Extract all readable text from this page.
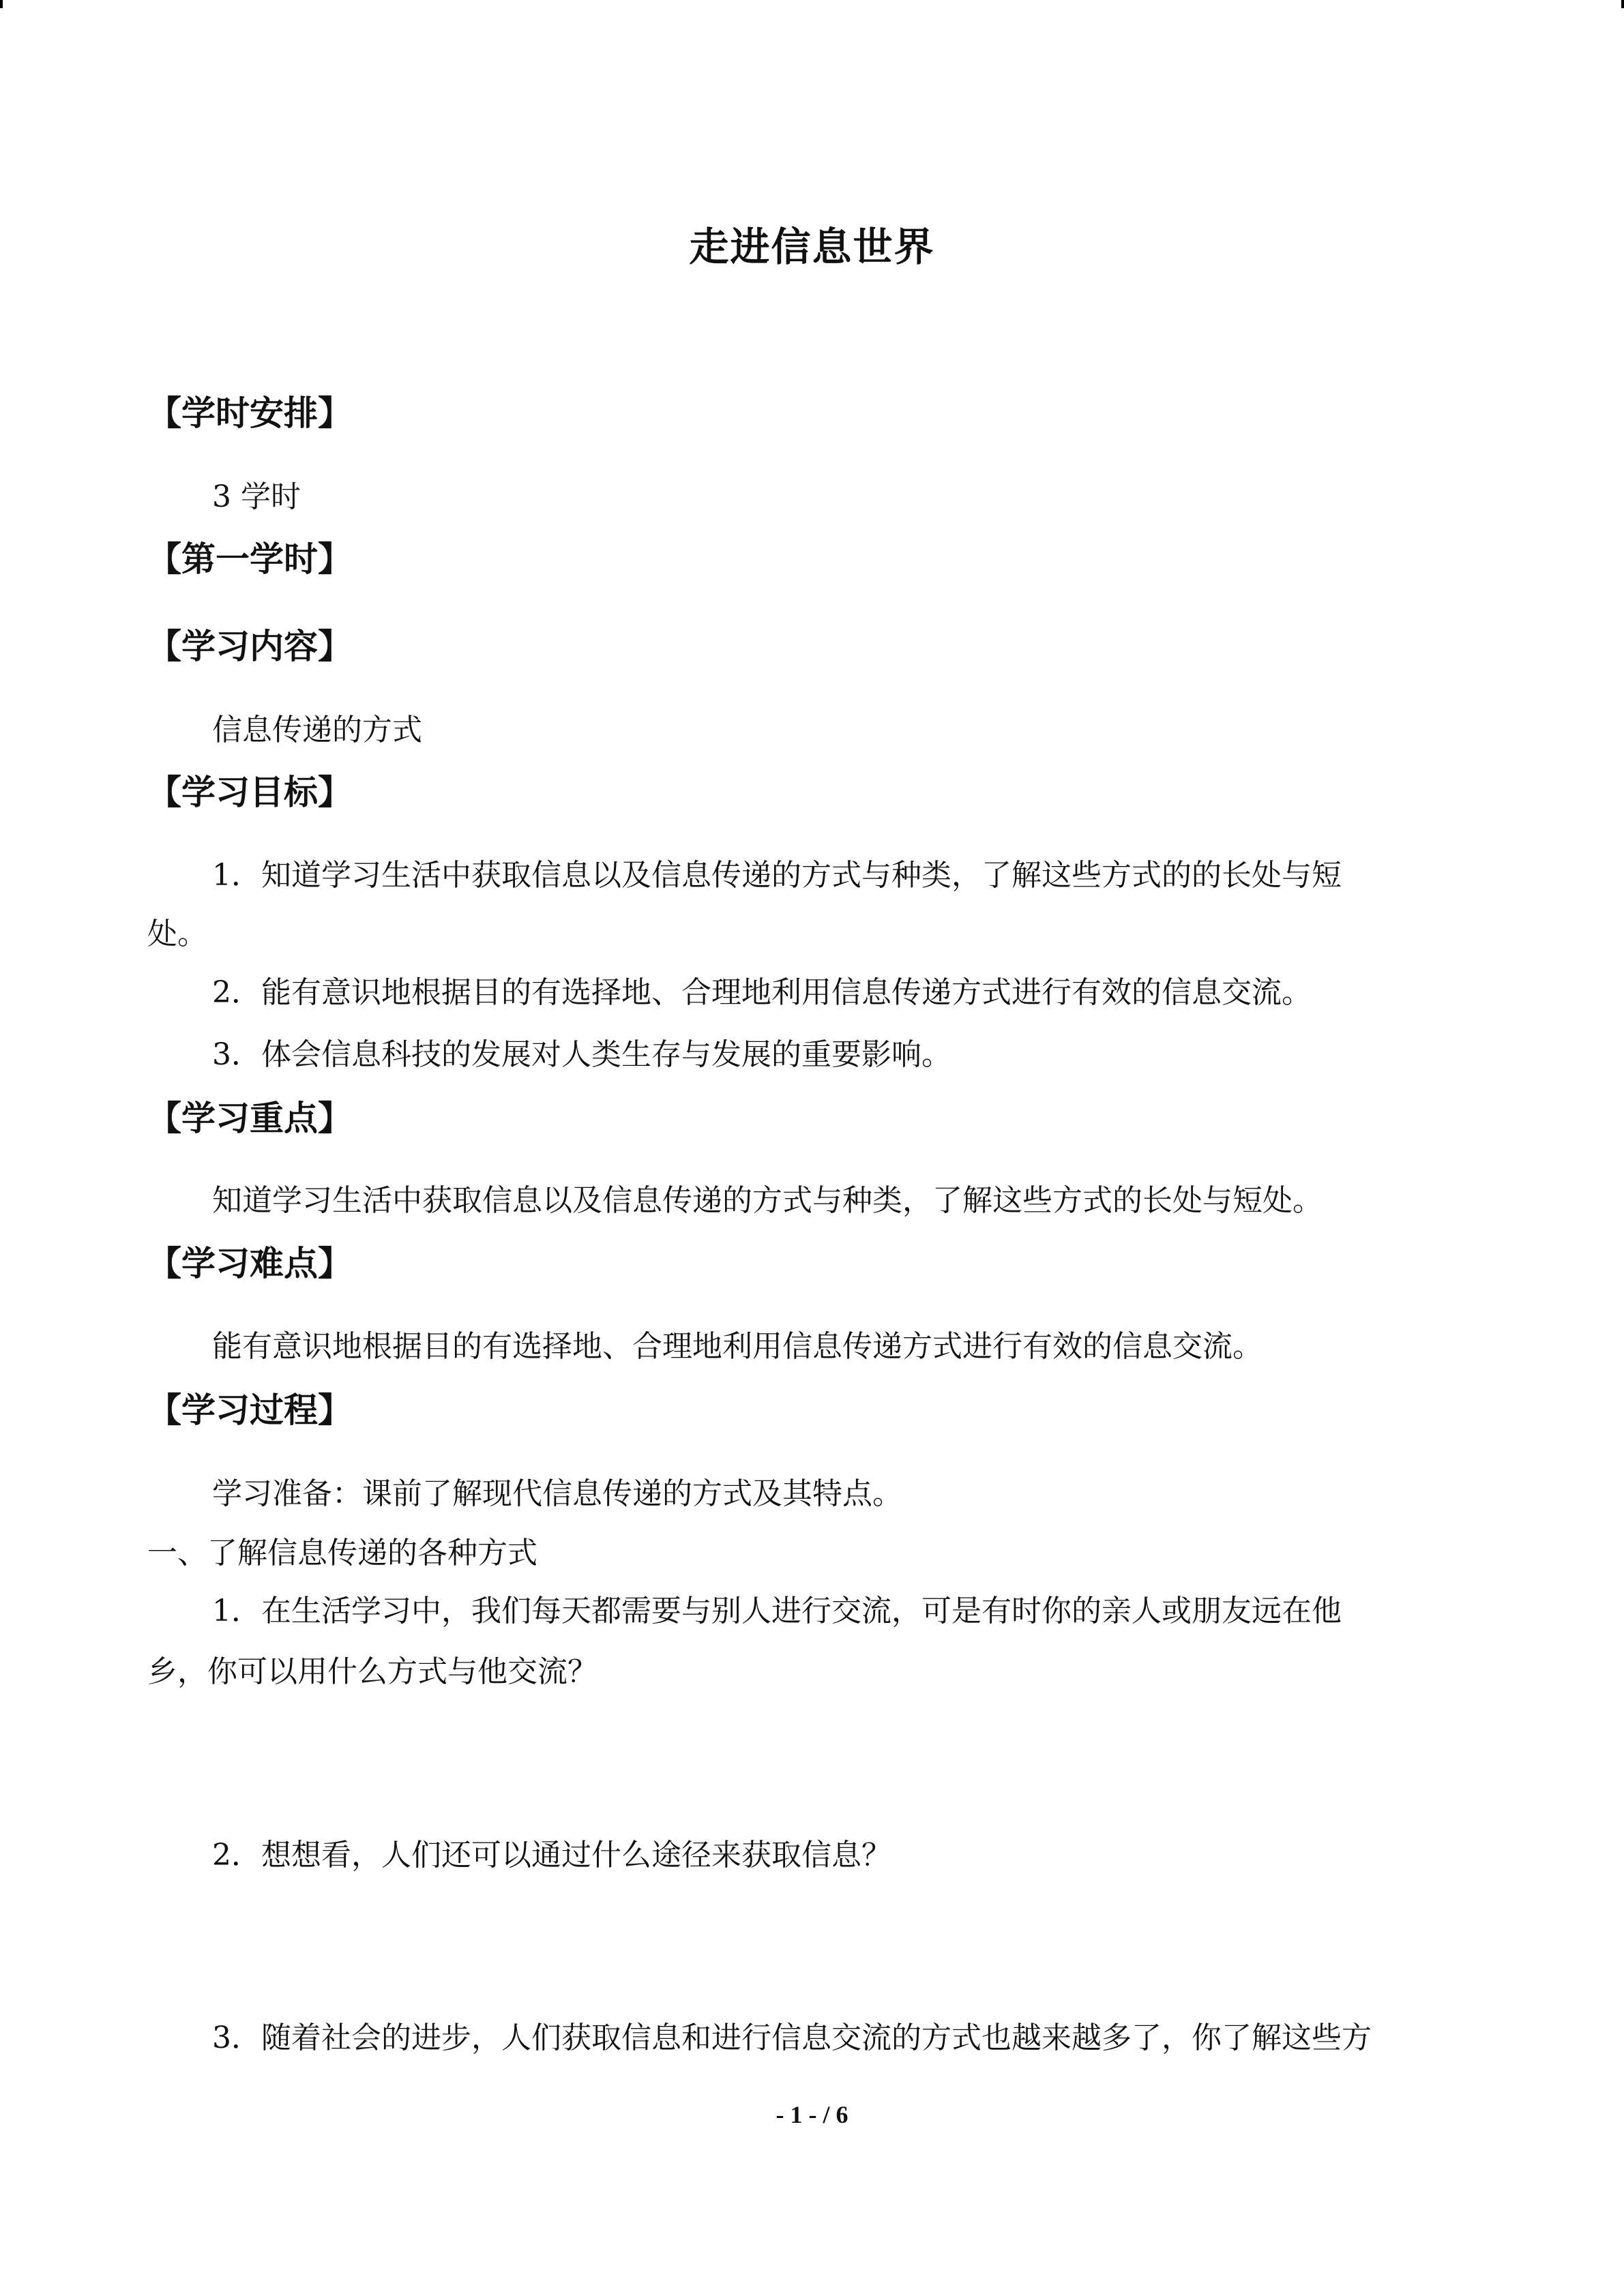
走进信息世界
【学时安排】
3 学时
【第一学时】
【学习内容】
信息传递的方式
【学习目标】
1．知道学习生活中获取信息以及信息传递的方式与种类，了解这些方式的的长处与短
处。
2．能有意识地根据目的有选择地、合理地利用信息传递方式进行有效的信息交流。
3．体会信息科技的发展对人类生存与发展的重要影响。
【学习重点】
知道学习生活中获取信息以及信息传递的方式与种类，了解这些方式的长处与短处。
【学习难点】
能有意识地根据目的有选择地、合理地利用信息传递方式进行有效的信息交流。
【学习过程】
学习准备：课前了解现代信息传递的方式及其特点。
一、了解信息传递的各种方式
1．在生活学习中，我们每天都需要与别人进行交流，可是有时你的亲人或朋友远在他
乡，你可以用什么方式与他交流？
2．想想看，人们还可以通过什么途径来获取信息？
3．随着社会的进步，人们获取信息和进行信息交流的方式也越来越多了，你了解这些方
- 1 - / 6
